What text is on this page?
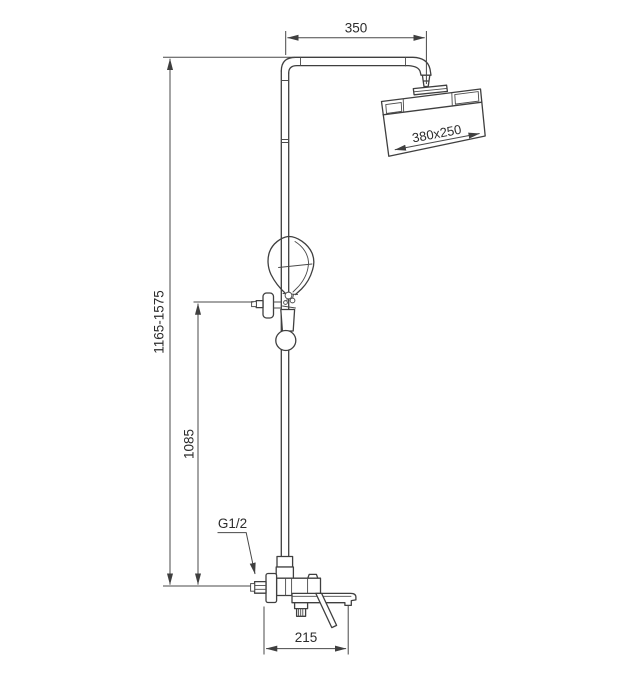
380x250
350
1165-1575
1085
G1/2
215
